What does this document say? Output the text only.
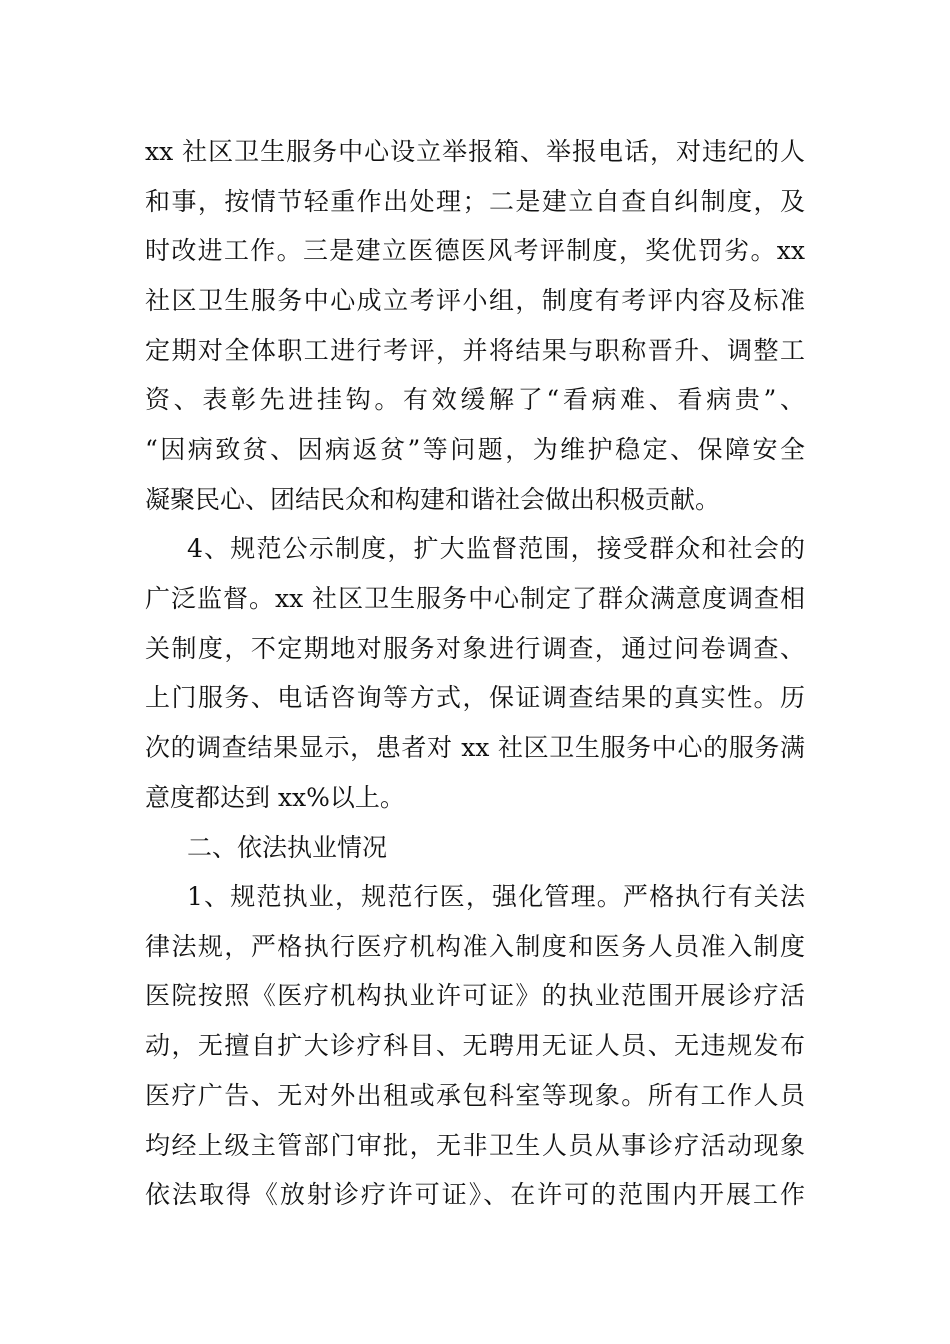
xx 社区卫生服务中心设立举报箱、举报电话，对违纪的人
和事，按情节轻重作出处理；二是建立自查自纠制度，及
时改进工作。三是建立医德医风考评制度，奖优罚劣。xx
社区卫生服务中心成立考评小组，制度有考评内容及标准
定期对全体职工进行考评，并将结果与职称晋升、调整工
资、表彰先进挂钩。有效缓解了“看病难、看病贵”、
“因病致贫、因病返贫”等问题，为维护稳定、保障安全
凝聚民心、团结民众和构建和谐社会做出积极贡献。
4、规范公示制度，扩大监督范围，接受群众和社会的
广泛监督。xx 社区卫生服务中心制定了群众满意度调查相
关制度，不定期地对服务对象进行调查，通过问卷调查、
上门服务、电话咨询等方式，保证调查结果的真实性。历
次的调查结果显示，患者对 xx 社区卫生服务中心的服务满
意度都达到 xx%以上。
二、依法执业情况
1、规范执业，规范行医，强化管理。严格执行有关法
律法规，严格执行医疗机构准入制度和医务人员准入制度
医院按照《医疗机构执业许可证》的执业范围开展诊疗活
动，无擅自扩大诊疗科目、无聘用无证人员、无违规发布
医疗广告、无对外出租或承包科室等现象。所有工作人员
均经上级主管部门审批，无非卫生人员从事诊疗活动现象
依法取得《放射诊疗许可证》、在许可的范围内开展工作
